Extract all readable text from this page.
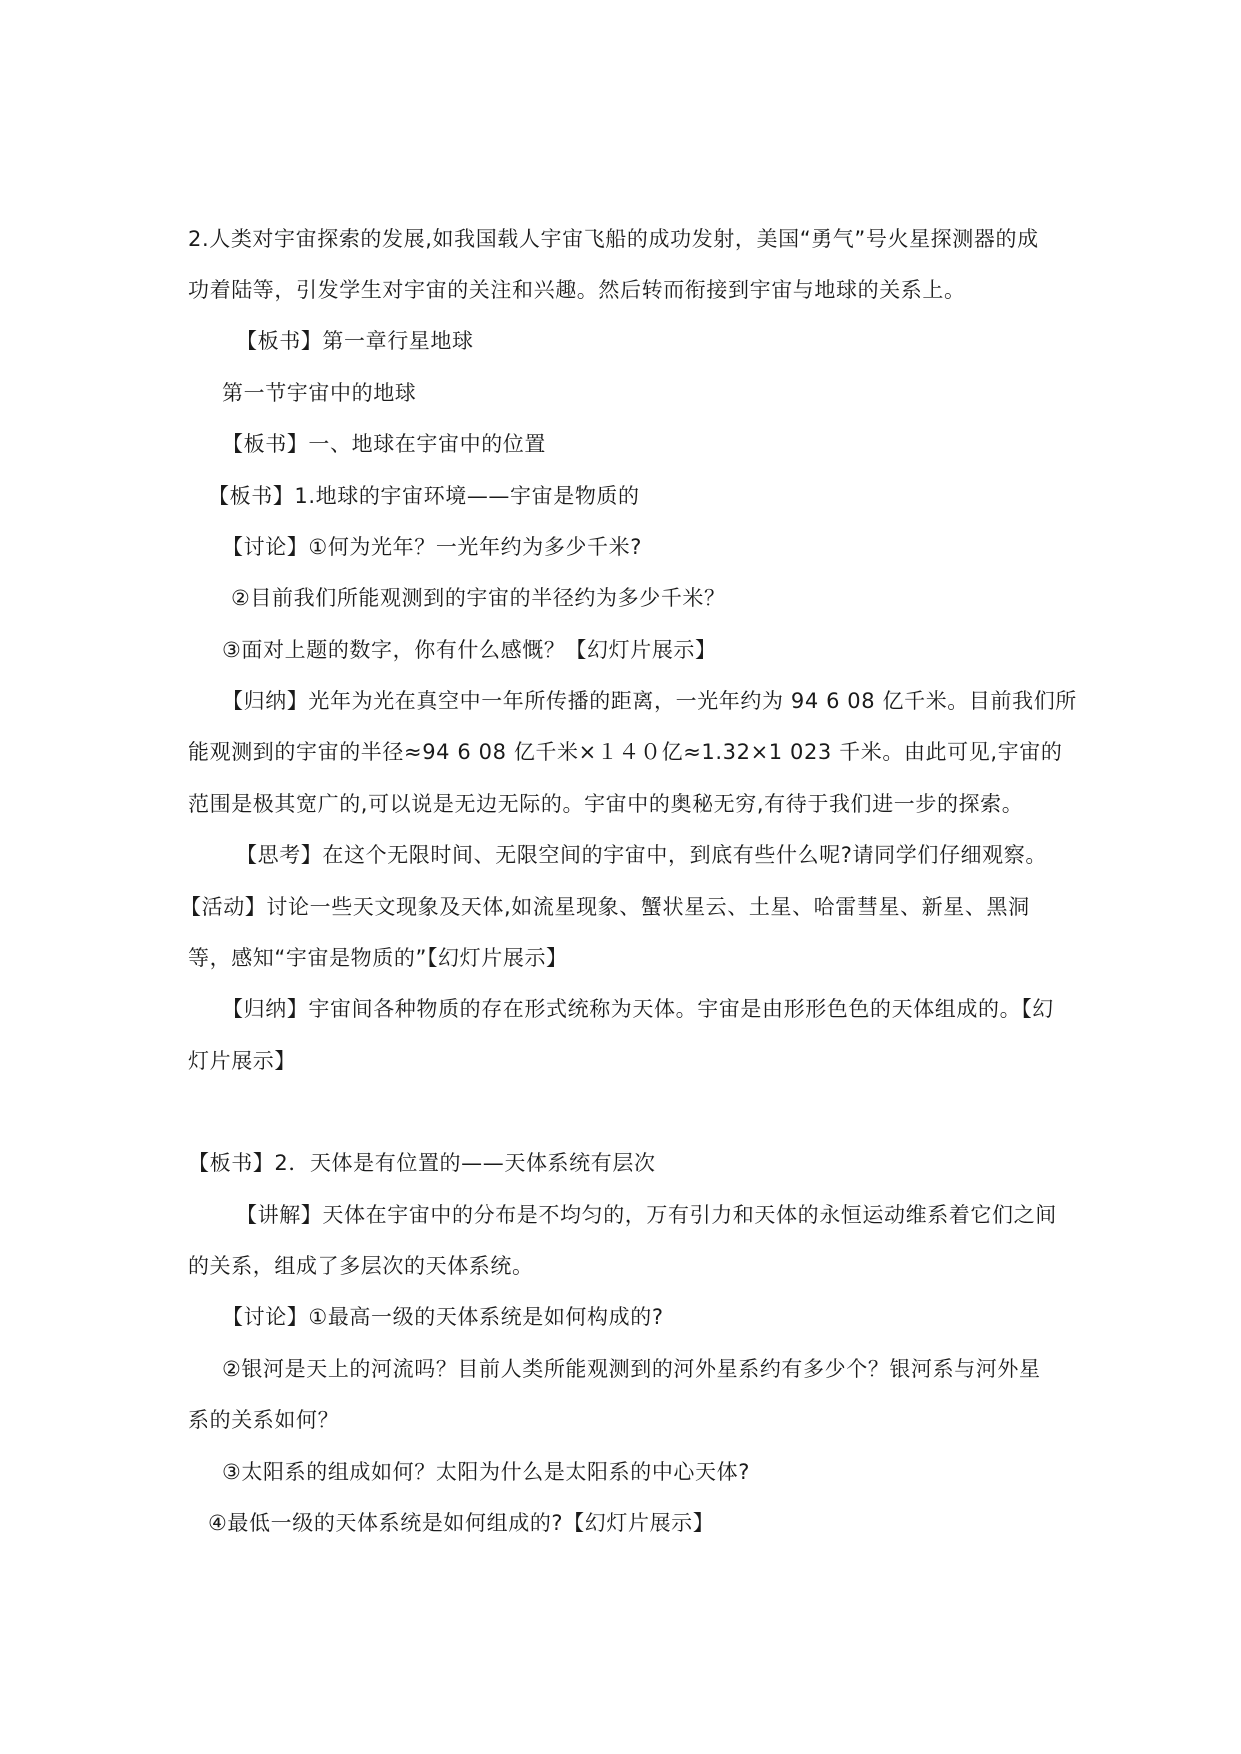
2.人类对宇宙探索的发展,如我国载人宇宙飞船的成功发射，美国“勇气”号火星探测器的成
功着陆等，引发学生对宇宙的关注和兴趣。然后转而衔接到宇宙与地球的关系上。
【板书】第一章行星地球
第一节宇宙中的地球
【板书】一、地球在宇宙中的位置
【板书】1.地球的宇宙环境——宇宙是物质的
【讨论】①何为光年？一光年约为多少千米?
②目前我们所能观测到的宇宙的半径约为多少千米？
③面对上题的数字，你有什么感慨？【幻灯片展示】
【归纳】光年为光在真空中一年所传播的距离，一光年约为 94 6 08 亿千米。目前我们所
能观测到的宇宙的半径≈94 6 08 亿千米×１４０亿≈1.32×1 023 千米。由此可见,宇宙的
范围是极其宽广的,可以说是无边无际的。宇宙中的奥秘无穷,有待于我们进一步的探索。
【思考】在这个无限时间、无限空间的宇宙中，到底有些什么呢?请同学们仔细观察。
【活动】讨论一些天文现象及天体,如流星现象、蟹状星云、土星、哈雷彗星、新星、黑洞
等，感知“宇宙是物质的”【幻灯片展示】
【归纳】宇宙间各种物质的存在形式统称为天体。宇宙是由形形色色的天体组成的。【幻
灯片展示】
【板书】2．天体是有位置的——天体系统有层次
【讲解】天体在宇宙中的分布是不均匀的，万有引力和天体的永恒运动维系着它们之间
的关系，组成了多层次的天体系统。
【讨论】①最高一级的天体系统是如何构成的?
②银河是天上的河流吗？目前人类所能观测到的河外星系约有多少个？银河系与河外星
系的关系如何？
③太阳系的组成如何？太阳为什么是太阳系的中心天体?
④最低一级的天体系统是如何组成的?【幻灯片展示】
